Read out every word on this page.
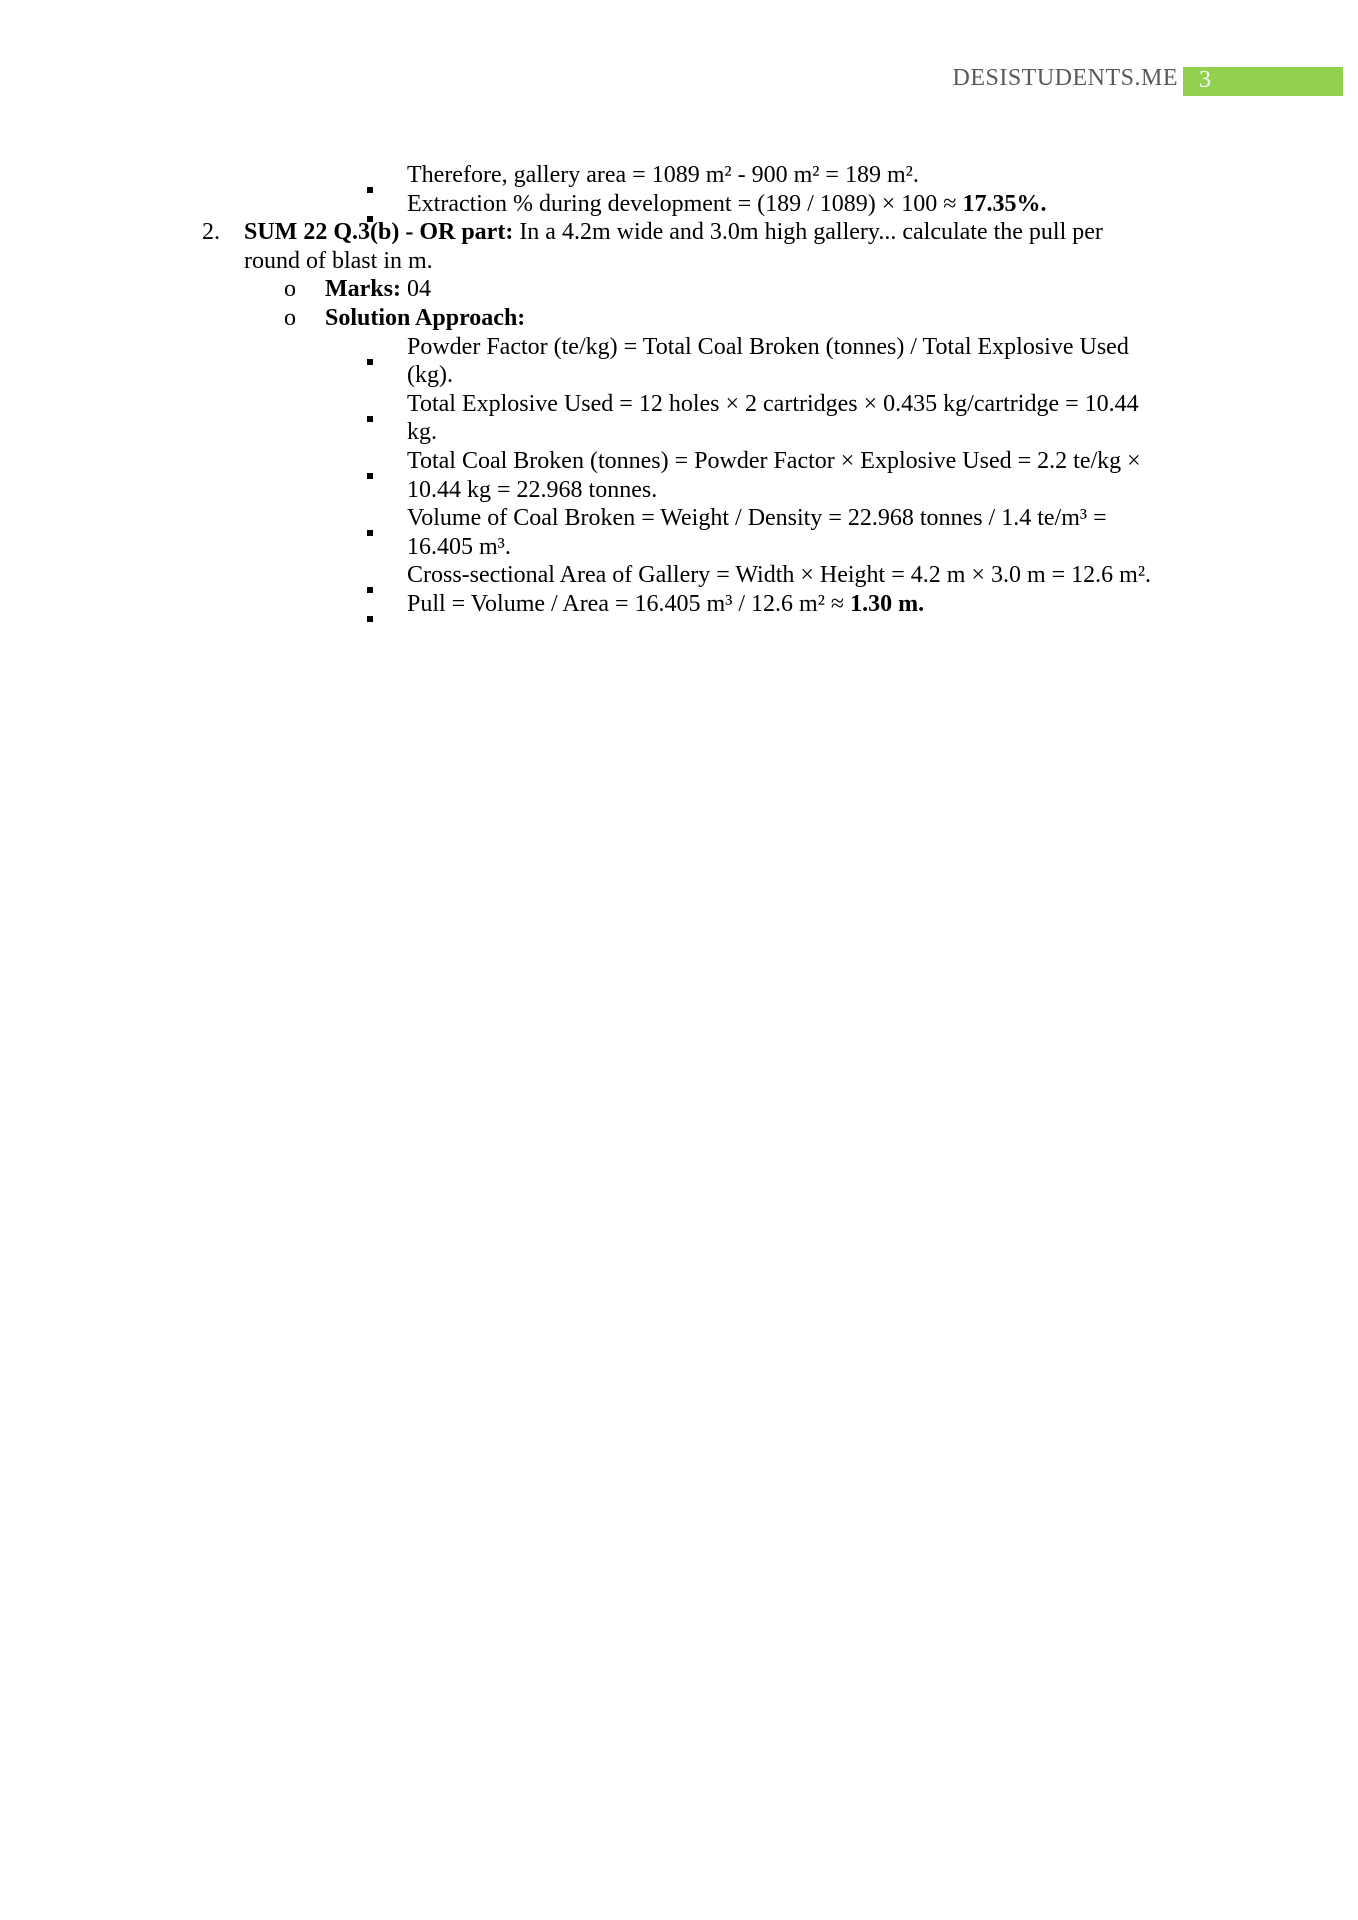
DESISTUDENTS.ME 3
Therefore, gallery area = 1089 m² - 900 m² = 189 m².
Extraction % during development = (189 / 1089) × 100 ≈ 17.35%.
2. SUM 22 Q.3(b) - OR part: In a 4.2m wide and 3.0m high gallery... calculate the pull per
round of blast in m.
o Marks: 04
o Solution Approach:
Powder Factor (te/kg) = Total Coal Broken (tonnes) / Total Explosive Used
(kg).
Total Explosive Used = 12 holes × 2 cartridges × 0.435 kg/cartridge = 10.44
kg.
Total Coal Broken (tonnes) = Powder Factor × Explosive Used = 2.2 te/kg ×
10.44 kg = 22.968 tonnes.
Volume of Coal Broken = Weight / Density = 22.968 tonnes / 1.4 te/m³ =
16.405 m³.
Cross-sectional Area of Gallery = Width × Height = 4.2 m × 3.0 m = 12.6 m².
Pull = Volume / Area = 16.405 m³ / 12.6 m² ≈ 1.30 m.
